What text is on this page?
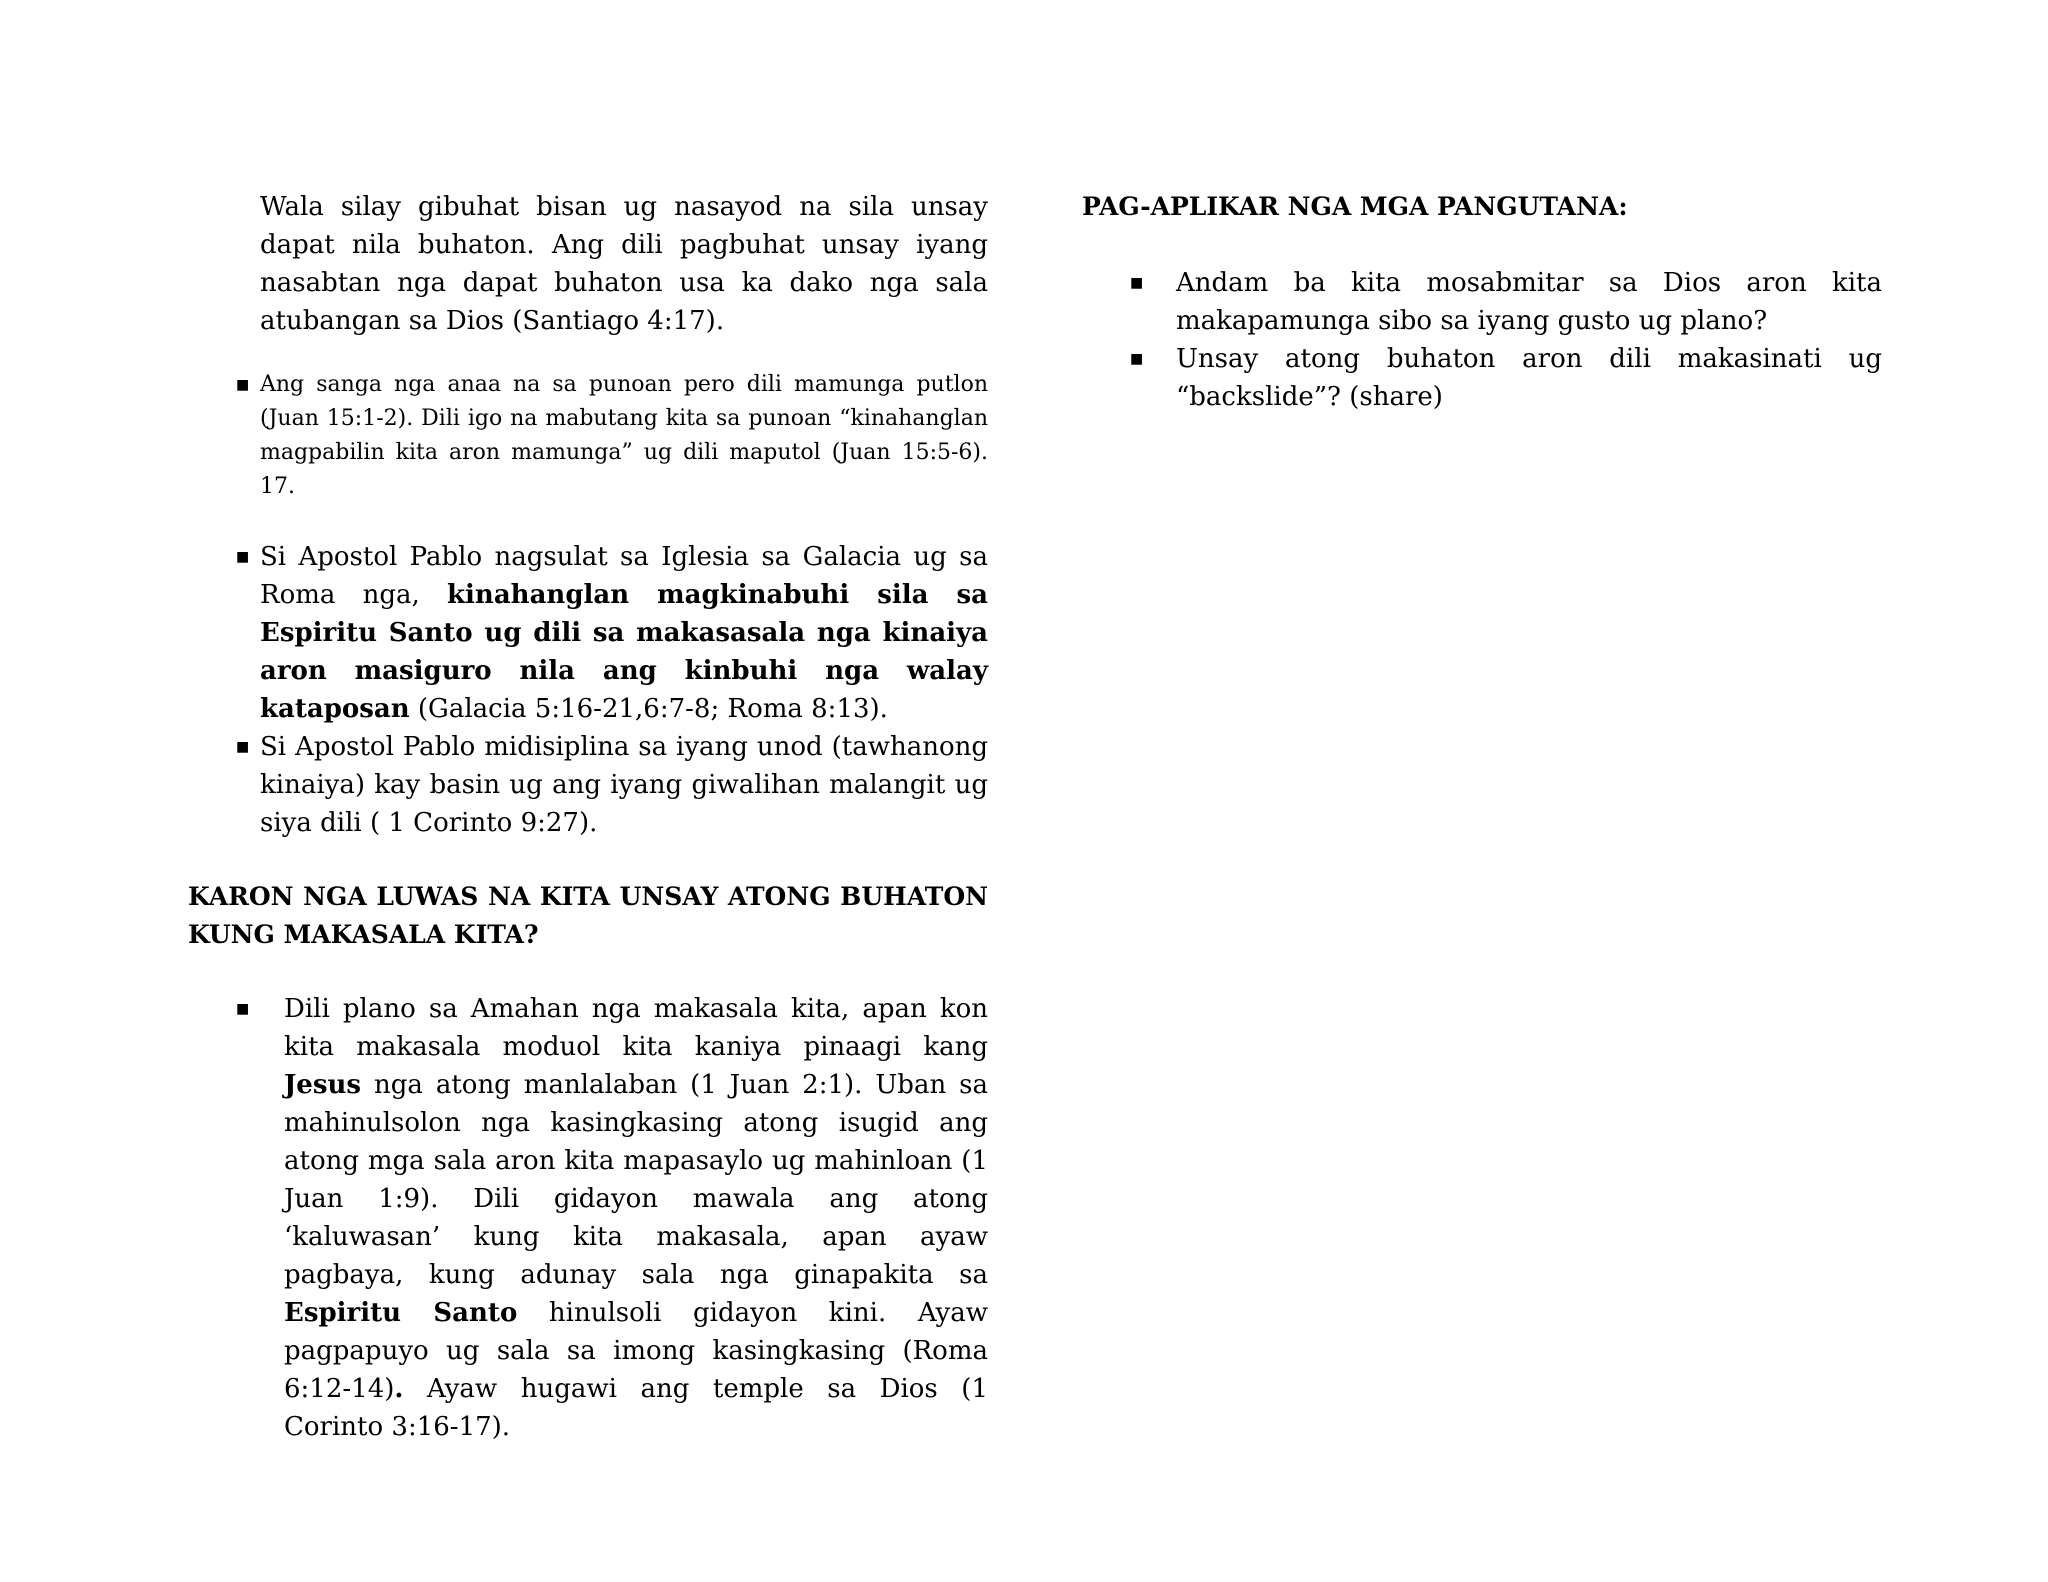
Wala silay gibuhat bisan ug nasayod na sila unsay dapat nila buhaton. Ang dili pagbuhat unsay iyang nasabtan nga dapat buhaton usa ka dako nga sala atubangan sa Dios (Santiago 4:17).
■ Ang sanga nga anaa na sa punoan pero dili mamunga putlon (Juan 15:1-2). Dili igo na mabutang kita sa punoan “kinahanglan magpabilin kita aron mamunga” ug dili maputol (Juan 15:5-6). 17.
■ Si Apostol Pablo nagsulat sa Iglesia sa Galacia ug sa Roma nga, kinahanglan magkinabuhi sila sa Espiritu Santo ug dili sa makasasala nga kinaiya aron masiguro nila ang kinbuhi nga walay kataposan (Galacia 5:16-21,6:7-8; Roma 8:13).
■ Si Apostol Pablo midisiplina sa iyang unod (tawhanong kinaiya) kay basin ug ang iyang giwalihan malangit ug siya dili ( 1 Corinto 9:27).
KARON NGA LUWAS NA KITA UNSAY ATONG BUHATON KUNG MAKASALA KITA?
■ Dili plano sa Amahan nga makasala kita, apan kon kita makasala moduol kita kaniya pinaagi kang Jesus nga atong manlalaban (1 Juan 2:1). Uban sa mahinulsolon nga kasingkasing atong isugid ang atong mga sala aron kita mapasaylo ug mahinloan (1 Juan 1:9). Dili gidayon mawala ang atong ‘kaluwasan’ kung kita makasala, apan ayaw pagbaya, kung adunay sala nga ginapakita sa Espiritu Santo hinulsoli gidayon kini. Ayaw pagpapuyo ug sala sa imong kasingkasing (Roma 6:12-14). Ayaw hugawi ang temple sa Dios (1 Corinto 3:16-17).
PAG-APLIKAR NGA MGA PANGUTANA:
■ Andam ba kita mosabmitar sa Dios aron kita makapamunga sibo sa iyang gusto ug plano?
■ Unsay atong buhaton aron dili makasinati ug “backslide”? (share)
